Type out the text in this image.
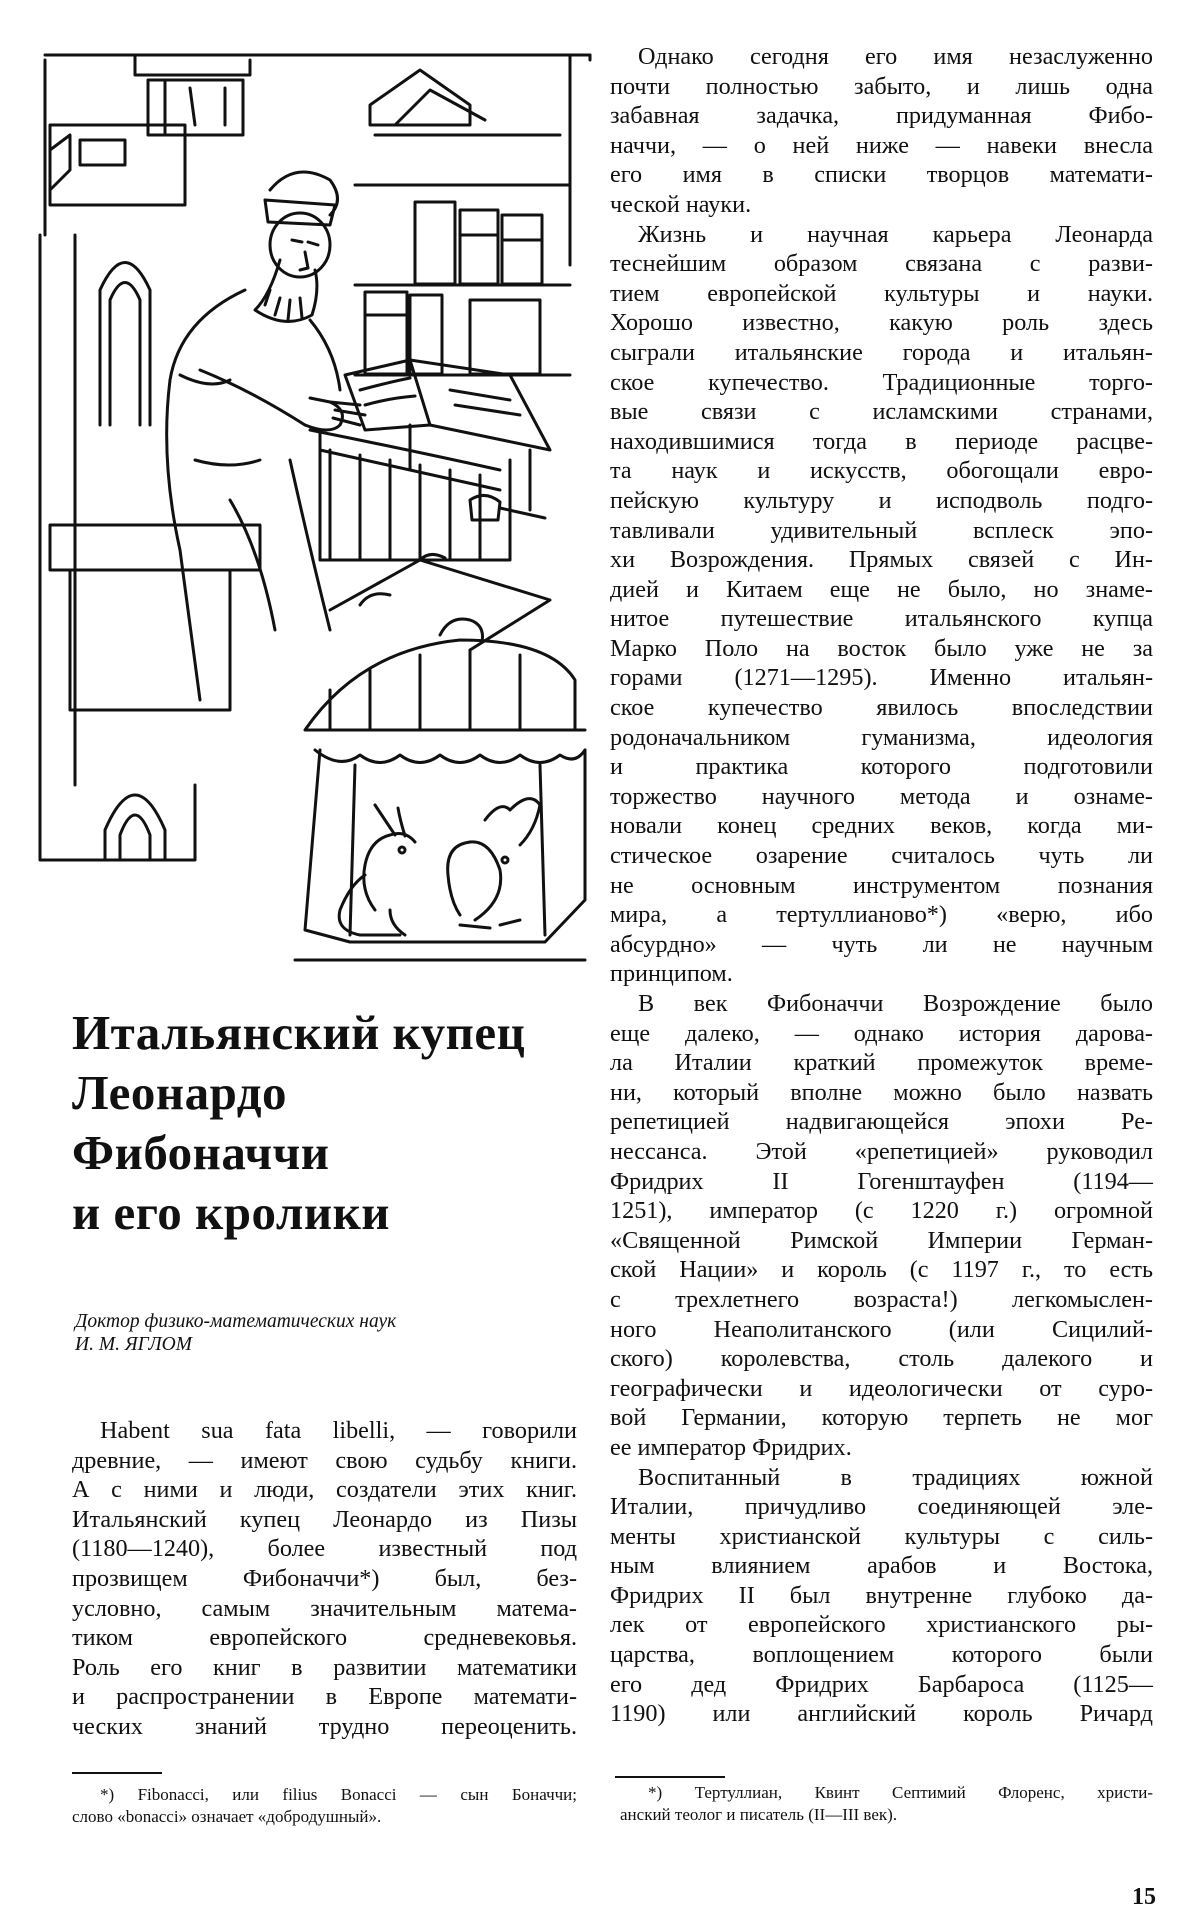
Итальянский купец
Леонардо
Фибоначчи
и его кролики
Доктор физико-математических наук
И. М. ЯГЛОМ

Habent sua fata libelli, — говорили
древние, — имеют свою судьбу книги.
А с ними и люди, создатели этих книг.
Итальянский купец Леонардо из Пизы
(1180—1240), более известный под
прозвищем Фибоначчи*) был, без-
условно, самым значительным матема-
тиком европейского средневековья.
Роль его книг в развитии математики
и распространении в Европе математи-
ческих знаний трудно переоценить.

Однако сегодня его имя незаслуженно
почти полностью забыто, и лишь одна
забавная задачка, придуманная Фибо-
наччи, — о ней ниже — навеки внесла
его имя в списки творцов математи-
ческой науки.

Жизнь и научная карьера Леонарда
теснейшим образом связана с разви-
тием европейской культуры и науки.
Хорошо известно, какую роль здесь
сыграли итальянские города и итальян-
ское купечество. Традиционные торго-
вые связи с исламскими странами,
находившимися тогда в периоде расцве-
та наук и искусств, обогощали евро-
пейскую культуру и исподволь подго-
тавливали удивительный всплеск эпо-
хи Возрождения. Прямых связей с Ин-
дией и Китаем еще не было, но знаме-
нитое путешествие итальянского купца
Марко Поло на восток было уже не за
горами (1271—1295). Именно итальян-
ское купечество явилось впоследствии
родоначальником гуманизма, идеология
и практика которого подготовили
торжество научного метода и ознаме-
новали конец средних веков, когда ми-
стическое озарение считалось чуть ли
не основным инструментом познания
мира, а тертуллианово*) «верю, ибо
абсурдно» — чуть ли не научным
принципом.

В век Фибоначчи Возрождение было
еще далеко, — однако история дарова-
ла Италии краткий промежуток време-
ни, который вполне можно было назвать
репетицией надвигающейся эпохи Ре-
нессанса. Этой «репетицией» руководил
Фридрих II Гогенштауфен (1194—
1251), император (с 1220 г.) огромной
«Священной Римской Империи Герман-
ской Нации» и король (с 1197 г., то есть
с трехлетнего возраста!) легкомыслен-
ного Неаполитанского (или Сицилий-
ского) королевства, столь далекого и
географически и идеологически от суро-
вой Германии, которую терпеть не мог
ее император Фридрих.

Воспитанный в традициях южной
Италии, причудливо соединяющей эле-
менты христианской культуры с силь-
ным влиянием арабов и Востока,
Фридрих II был внутренне глубоко да-
лек от европейского христианского ры-
царства, воплощением которого были
его дед Фридрих Барбароса (1125—
1190) или английский король Ричард

*) Fibonacci, или filius Bonacci — сын Боначчи;
слово «bonacci» означает «добродушный».
*) Тертуллиан, Квинт Септимий Флоренс, христи-
анский теолог и писатель (II—III век).
15
